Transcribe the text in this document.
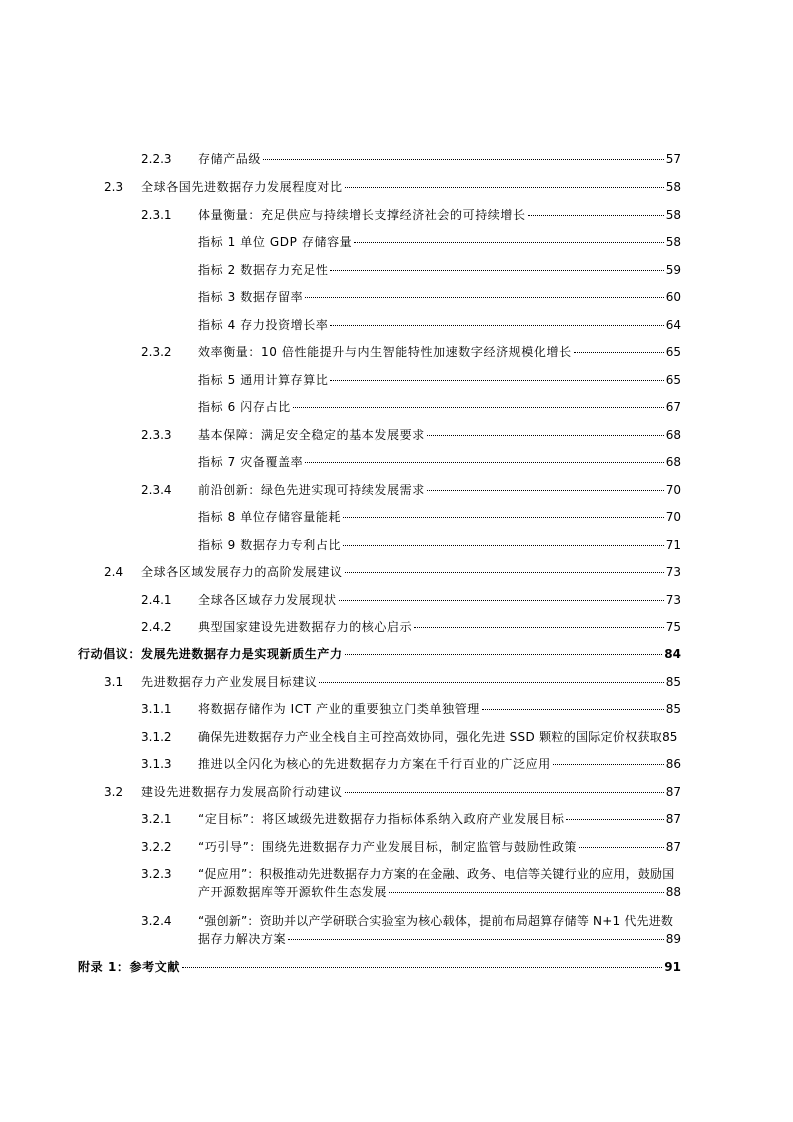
2.2.3 存储产品级	57
2.3 全球各国先进数据存力发展程度对比	58
2.3.1 体量衡量：充足供应与持续增长支撑经济社会的可持续增长	58
指标 1 单位 GDP 存储容量	58
指标 2 数据存力充足性	59
指标 3 数据存留率	60
指标 4 存力投资增长率	64
2.3.2 效率衡量：10 倍性能提升与内生智能特性加速数字经济规模化增长	65
指标 5 通用计算存算比	65
指标 6 闪存占比	67
2.3.3 基本保障：满足安全稳定的基本发展要求	68
指标 7 灾备覆盖率	68
2.3.4 前沿创新：绿色先进实现可持续发展需求	70
指标 8 单位存储容量能耗	70
指标 9 数据存力专利占比	71
2.4 全球各区域发展存力的高阶发展建议	73
2.4.1 全球各区域存力发展现状	73
2.4.2 典型国家建设先进数据存力的核心启示	75
行动倡议：发展先进数据存力是实现新质生产力	84
3.1 先进数据存力产业发展目标建议	85
3.1.1 将数据存储作为 ICT 产业的重要独立门类单独管理	85
3.1.2 确保先进数据存力产业全栈自主可控高效协同，强化先进 SSD 颗粒的国际定价权获取 85
3.1.3 推进以全闪化为核心的先进数据存力方案在千行百业的广泛应用	86
3.2 建设先进数据存力发展高阶行动建议	87
3.2.1 “定目标”：将区域级先进数据存力指标体系纳入政府产业发展目标	87
3.2.2 “巧引导”：围绕先进数据存力产业发展目标，制定监管与鼓励性政策	87
3.2.3 “促应用”：积极推动先进数据存力方案的在金融、政务、电信等关键行业的应用，鼓励国
产开源数据库等开源软件生态发展	88
3.2.4 “强创新”：资助并以产学研联合实验室为核心载体，提前布局超算存储等 N+1 代先进数
据存力解决方案	89
附录 1：参考文献	91
